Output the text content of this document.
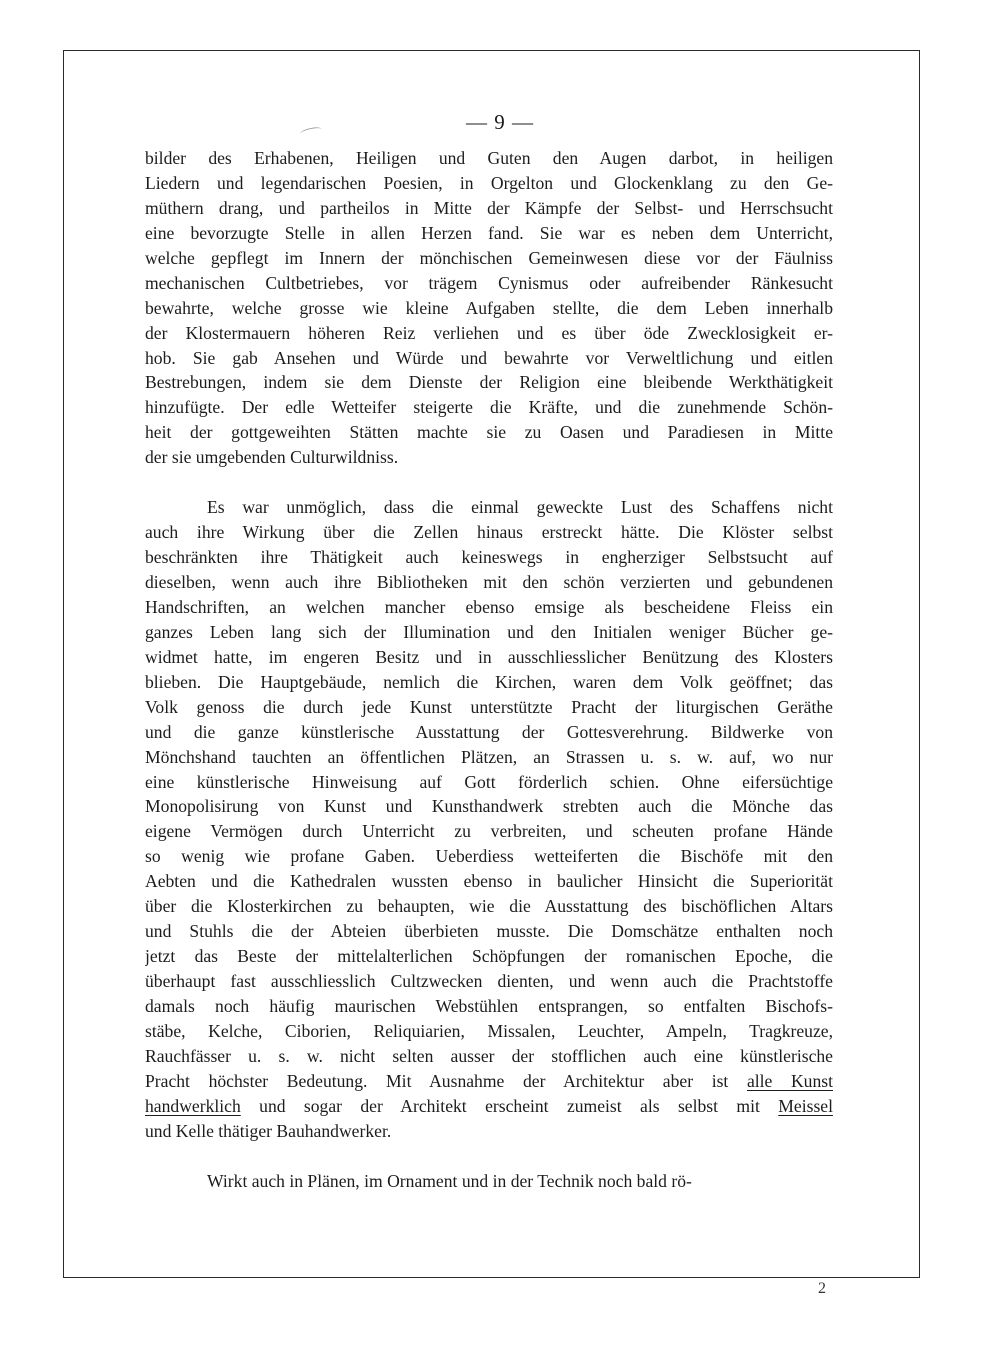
— 9 —
bilder des Erhabenen, Heiligen und Guten den Augen darbot, in heiligen
Liedern und legendarischen Poesien, in Orgelton und Glockenklang zu den Ge-
müthern drang, und partheilos in Mitte der Kämpfe der Selbst- und Herrschsucht
eine bevorzugte Stelle in allen Herzen fand. Sie war es neben dem Unterricht,
welche gepflegt im Innern der mönchischen Gemeinwesen diese vor der Fäulniss
mechanischen Cultbetriebes, vor trägem Cynismus oder aufreibender Ränkesucht
bewahrte, welche grosse wie kleine Aufgaben stellte, die dem Leben innerhalb
der Klostermauern höheren Reiz verliehen und es über öde Zwecklosigkeit er-
hob. Sie gab Ansehen und Würde und bewahrte vor Verweltlichung und eitlen
Bestrebungen, indem sie dem Dienste der Religion eine bleibende Werkthätigkeit
hinzufügte. Der edle Wetteifer steigerte die Kräfte, und die zunehmende Schön-
heit der gottgeweihten Stätten machte sie zu Oasen und Paradiesen in Mitte
der sie umgebenden Culturwildniss.
Es war unmöglich, dass die einmal geweckte Lust des Schaffens nicht
auch ihre Wirkung über die Zellen hinaus erstreckt hätte. Die Klöster selbst
beschränkten ihre Thätigkeit auch keineswegs in engherziger Selbstsucht auf
dieselben, wenn auch ihre Bibliotheken mit den schön verzierten und gebundenen
Handschriften, an welchen mancher ebenso emsige als bescheidene Fleiss ein
ganzes Leben lang sich der Illumination und den Initialen weniger Bücher ge-
widmet hatte, im engeren Besitz und in ausschliesslicher Benützung des Klosters
blieben. Die Hauptgebäude, nemlich die Kirchen, waren dem Volk geöffnet; das
Volk genoss die durch jede Kunst unterstützte Pracht der liturgischen Geräthe
und die ganze künstlerische Ausstattung der Gottesverehrung. Bildwerke von
Mönchshand tauchten an öffentlichen Plätzen, an Strassen u. s. w. auf, wo nur
eine künstlerische Hinweisung auf Gott förderlich schien. Ohne eifersüchtige
Monopolisirung von Kunst und Kunsthandwerk strebten auch die Mönche das
eigene Vermögen durch Unterricht zu verbreiten, und scheuten profane Hände
so wenig wie profane Gaben. Ueberdiess wetteiferten die Bischöfe mit den
Aebten und die Kathedralen wussten ebenso in baulicher Hinsicht die Superiorität
über die Klosterkirchen zu behaupten, wie die Ausstattung des bischöflichen Altars
und Stuhls die der Abteien überbieten musste. Die Domschätze enthalten noch
jetzt das Beste der mittelalterlichen Schöpfungen der romanischen Epoche, die
überhaupt fast ausschliesslich Cultzwecken dienten, und wenn auch die Prachtstoffe
damals noch häufig maurischen Webstühlen entsprangen, so entfalten Bischofs-
stäbe, Kelche, Ciborien, Reliquiarien, Missalen, Leuchter, Ampeln, Tragkreuze,
Rauchfässer u. s. w. nicht selten ausser der stofflichen auch eine künstlerische
Pracht höchster Bedeutung. Mit Ausnahme der Architektur aber ist alle Kunst
handwerklich und sogar der Architekt erscheint zumeist als selbst mit Meissel
und Kelle thätiger Bauhandwerker.
Wirkt auch in Plänen, im Ornament und in der Technik noch bald rö-
2
